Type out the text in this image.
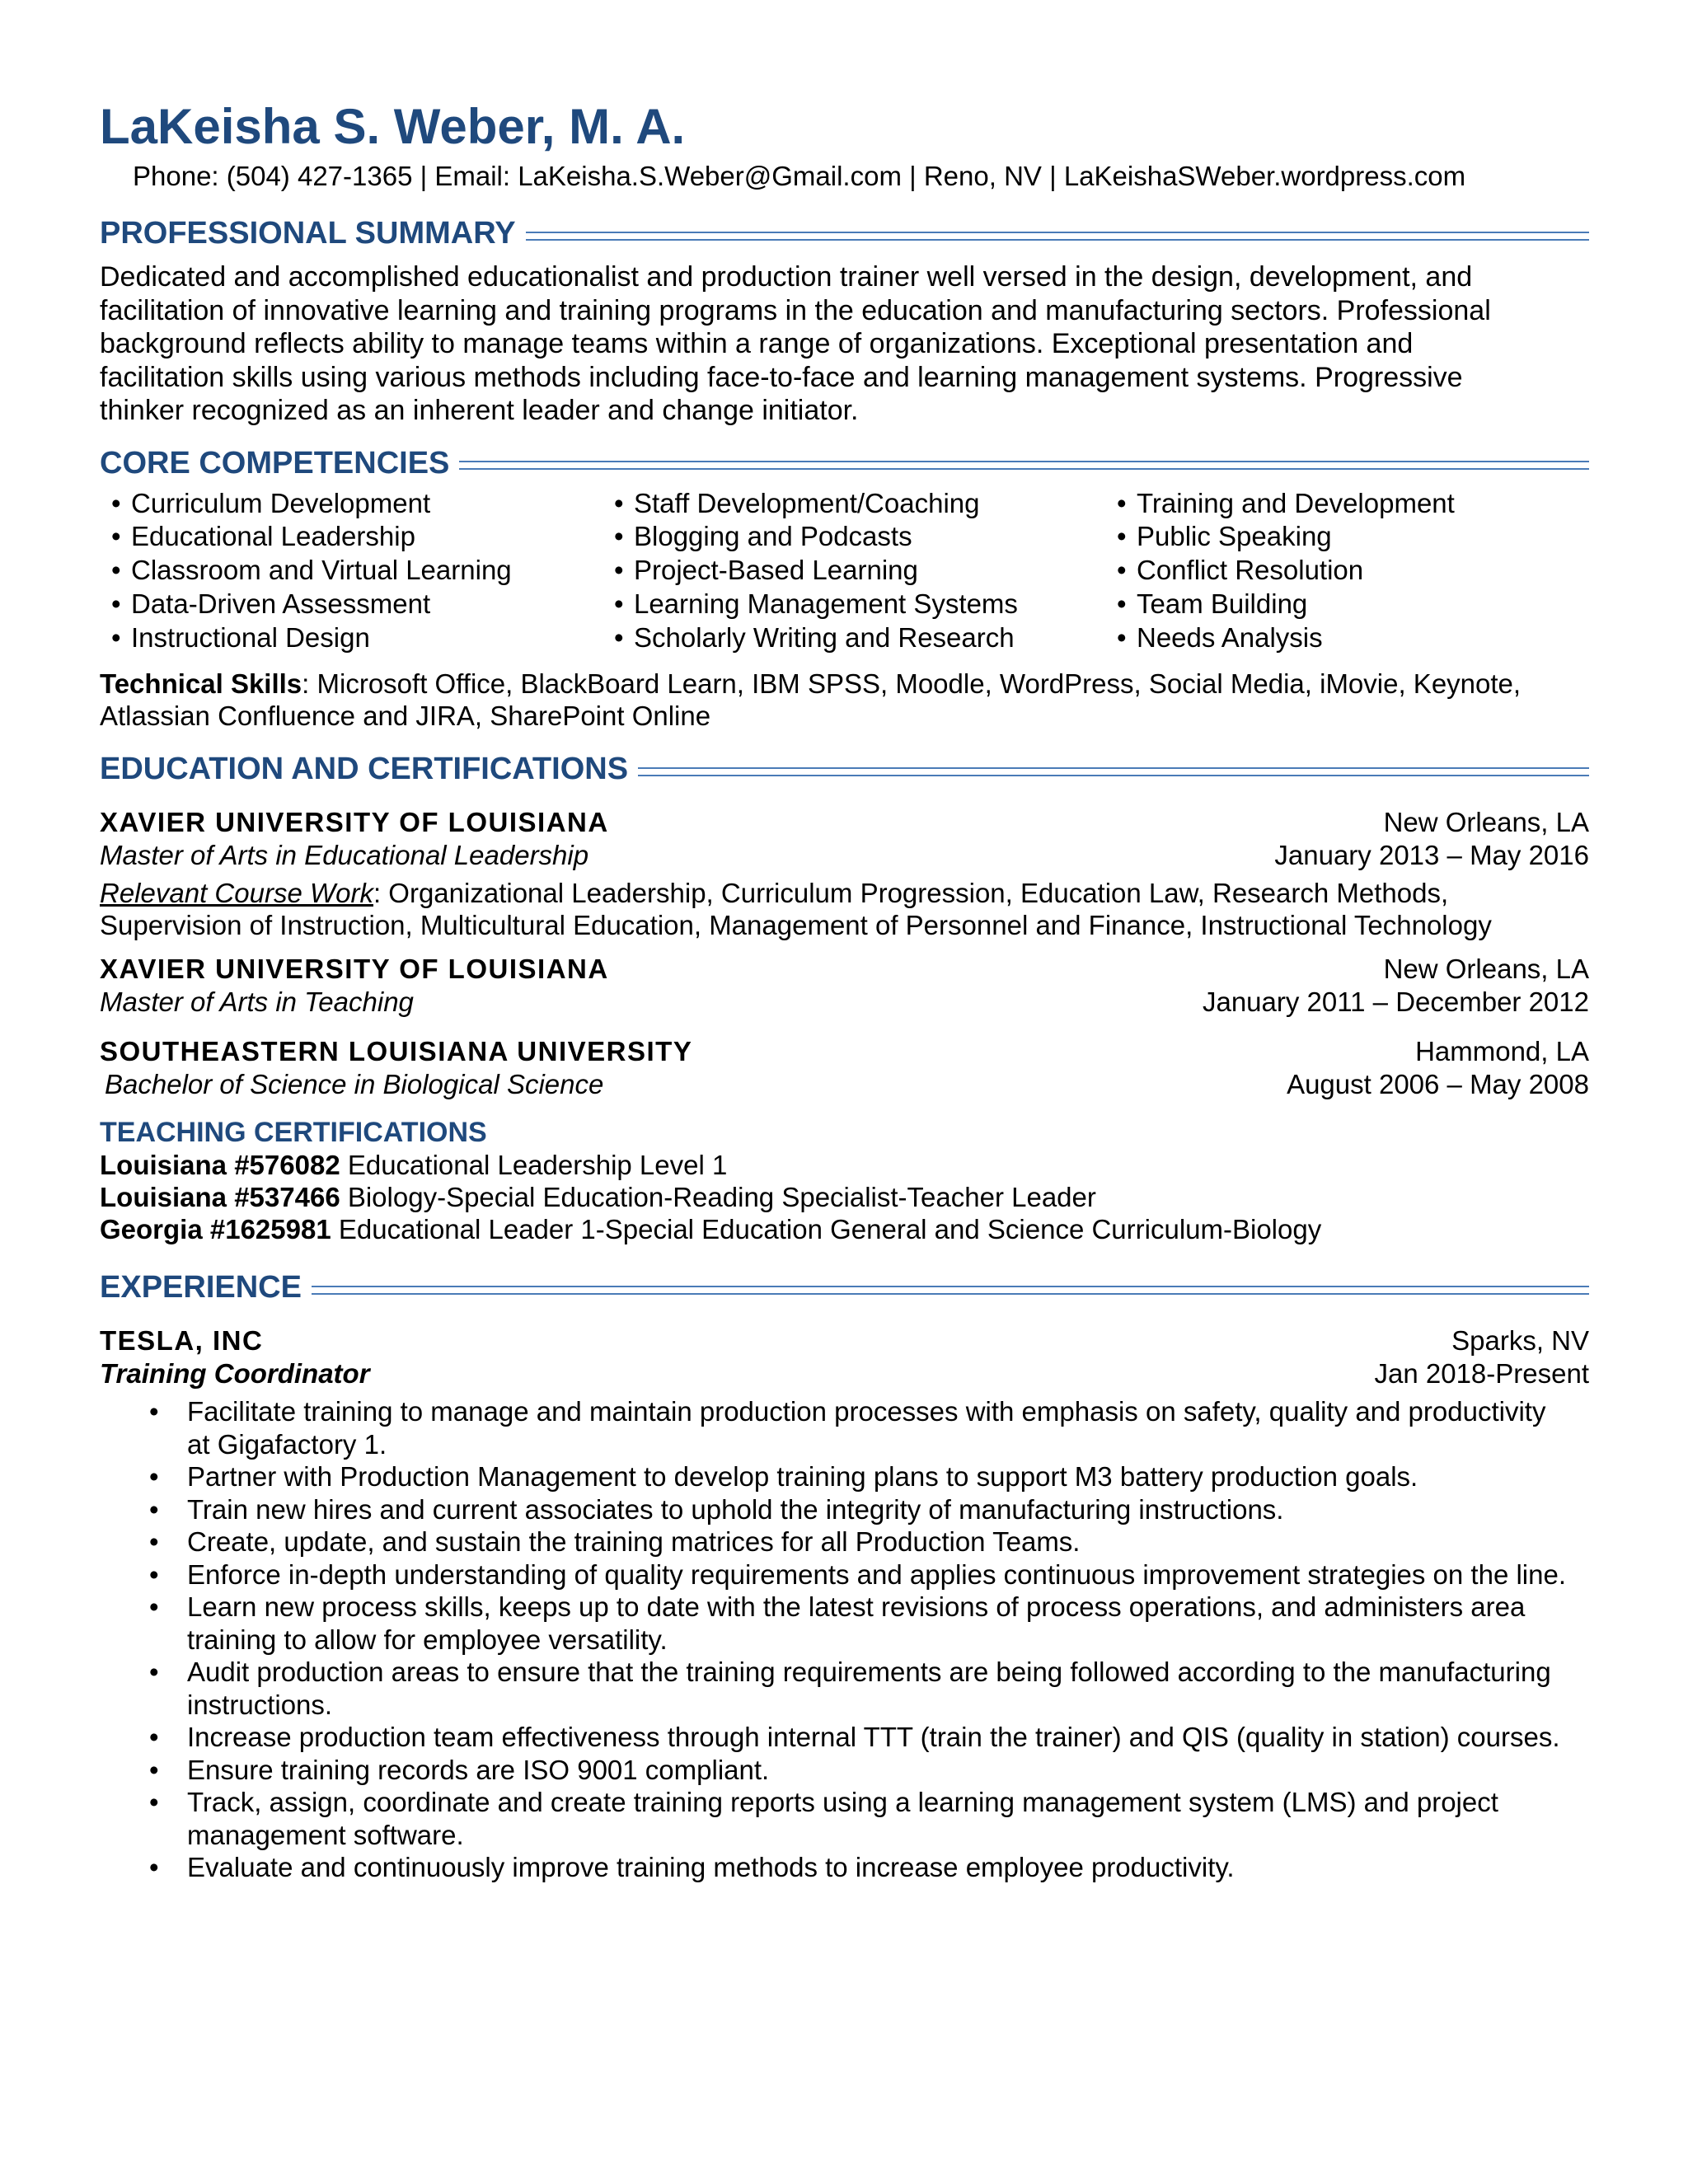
LaKeisha S. Weber, M. A.
Phone: (504) 427-1365 | Email: LaKeisha.S.Weber@Gmail.com | Reno, NV | LaKeishaSWeber.wordpress.com
PROFESSIONAL SUMMARY
Dedicated and accomplished educationalist and production trainer well versed in the design, development, and
facilitation of innovative learning and training programs in the education and manufacturing sectors. Professional
background reflects ability to manage teams within a range of organizations. Exceptional presentation and
facilitation skills using various methods including face-to-face and learning management systems. Progressive
thinker recognized as an inherent leader and change initiator.
CORE COMPETENCIES
• Curriculum Development
• Educational Leadership
• Classroom and Virtual Learning
• Data-Driven Assessment
• Instructional Design
• Staff Development/Coaching
• Blogging and Podcasts
• Project-Based Learning
• Learning Management Systems
• Scholarly Writing and Research
• Training and Development
• Public Speaking
• Conflict Resolution
• Team Building
• Needs Analysis
Technical Skills: Microsoft Office, BlackBoard Learn, IBM SPSS, Moodle, WordPress, Social Media, iMovie, Keynote,
Atlassian Confluence and JIRA, SharePoint Online
EDUCATION AND CERTIFICATIONS
XAVIER UNIVERSITY OF LOUISIANA	New Orleans, LA
Master of Arts in Educational Leadership	January 2013 – May 2016
Relevant Course Work: Organizational Leadership, Curriculum Progression, Education Law, Research Methods,
Supervision of Instruction, Multicultural Education, Management of Personnel and Finance, Instructional Technology
XAVIER UNIVERSITY OF LOUISIANA	New Orleans, LA
Master of Arts in Teaching	January 2011 – December 2012
SOUTHEASTERN LOUISIANA UNIVERSITY	Hammond, LA
Bachelor of Science in Biological Science	August 2006 – May 2008
TEACHING CERTIFICATIONS
Louisiana #576082 Educational Leadership Level 1
Louisiana #537466 Biology-Special Education-Reading Specialist-Teacher Leader
Georgia #1625981 Educational Leader 1-Special Education General and Science Curriculum-Biology
EXPERIENCE
TESLA, INC	Sparks, NV
Training Coordinator	Jan 2018-Present
• Facilitate training to manage and maintain production processes with emphasis on safety, quality and productivity
at Gigafactory 1.
• Partner with Production Management to develop training plans to support M3 battery production goals.
• Train new hires and current associates to uphold the integrity of manufacturing instructions.
• Create, update, and sustain the training matrices for all Production Teams.
• Enforce in-depth understanding of quality requirements and applies continuous improvement strategies on the line.
• Learn new process skills, keeps up to date with the latest revisions of process operations, and administers area
training to allow for employee versatility.
• Audit production areas to ensure that the training requirements are being followed according to the manufacturing
instructions.
• Increase production team effectiveness through internal TTT (train the trainer) and QIS (quality in station) courses.
• Ensure training records are ISO 9001 compliant.
• Track, assign, coordinate and create training reports using a learning management system (LMS) and project
management software.
• Evaluate and continuously improve training methods to increase employee productivity.
